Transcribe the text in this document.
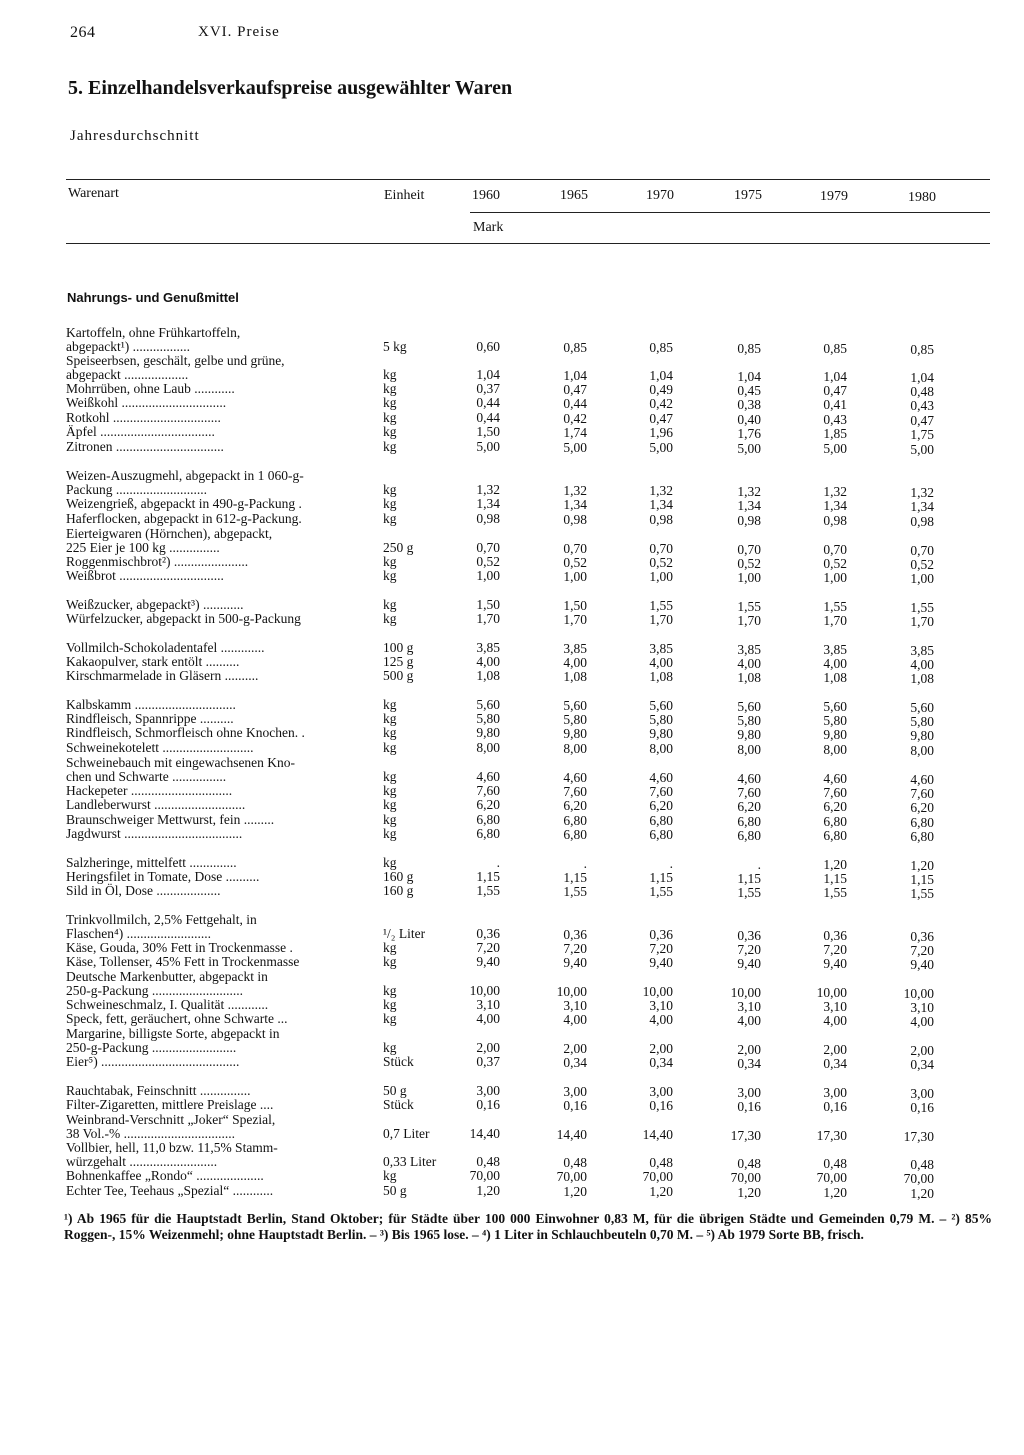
264	XVI. Preise
5. Einzelhandelsverkaufspreise ausgewählter Waren
Jahresdurchschnitt
Warenart	Einheit	1960	1965	1970	1975	1979	1980
Mark
Nahrungs- und Genußmittel
Kartoffeln, ohne Frühkartoffeln,
abgepackt¹) .................	5 kg	0,60	0,85	0,85	0,85	0,85	0,85
Speiseerbsen, geschält, gelbe und grüne,
abgepackt ...................	kg	1,04	1,04	1,04	1,04	1,04	1,04
Mohrrüben, ohne Laub ............	kg	0,37	0,47	0,49	0,45	0,47	0,48
Weißkohl ...............................	kg	0,44	0,44	0,42	0,38	0,41	0,43
Rotkohl ................................	kg	0,44	0,42	0,47	0,40	0,43	0,47
Äpfel ..................................	kg	1,50	1,74	1,96	1,76	1,85	1,75
Zitronen ................................	kg	5,00	5,00	5,00	5,00	5,00	5,00
Weizen-Auszugmehl, abgepackt in 1 060-g-
Packung ...........................	kg	1,32	1,32	1,32	1,32	1,32	1,32
Weizengrieß, abgepackt in 490-g-Packung .	kg	1,34	1,34	1,34	1,34	1,34	1,34
Haferflocken, abgepackt in 612-g-Packung.	kg	0,98	0,98	0,98	0,98	0,98	0,98
Eierteigwaren (Hörnchen), abgepackt,
225 Eier je 100 kg ...............	250 g	0,70	0,70	0,70	0,70	0,70	0,70
Roggenmischbrot²) ......................	kg	0,52	0,52	0,52	0,52	0,52	0,52
Weißbrot ...............................	kg	1,00	1,00	1,00	1,00	1,00	1,00
Weißzucker, abgepackt³) ............	kg	1,50	1,50	1,55	1,55	1,55	1,55
Würfelzucker, abgepackt in 500-g-Packung	kg	1,70	1,70	1,70	1,70	1,70	1,70
Vollmilch-Schokoladentafel .............	100 g	3,85	3,85	3,85	3,85	3,85	3,85
Kakaopulver, stark entölt ..........	125 g	4,00	4,00	4,00	4,00	4,00	4,00
Kirschmarmelade in Gläsern ..........	500 g	1,08	1,08	1,08	1,08	1,08	1,08
Kalbskamm ..............................	kg	5,60	5,60	5,60	5,60	5,60	5,60
Rindfleisch, Spannrippe ..........	kg	5,80	5,80	5,80	5,80	5,80	5,80
Rindfleisch, Schmorfleisch ohne Knochen. .	kg	9,80	9,80	9,80	9,80	9,80	9,80
Schweinekotelett ...........................	kg	8,00	8,00	8,00	8,00	8,00	8,00
Schweinebauch mit eingewachsenen Kno-
chen und Schwarte ................	kg	4,60	4,60	4,60	4,60	4,60	4,60
Hackepeter ..............................	kg	7,60	7,60	7,60	7,60	7,60	7,60
Landleberwurst ...........................	kg	6,20	6,20	6,20	6,20	6,20	6,20
Braunschweiger Mettwurst, fein .........	kg	6,80	6,80	6,80	6,80	6,80	6,80
Jagdwurst ...................................	kg	6,80	6,80	6,80	6,80	6,80	6,80
Salzheringe, mittelfett ..............	kg	.	.	.	.	1,20	1,20
Heringsfilet in Tomate, Dose ..........	160 g	1,15	1,15	1,15	1,15	1,15	1,15
Sild in Öl, Dose ...................	160 g	1,55	1,55	1,55	1,55	1,55	1,55
Trinkvollmilch, 2,5% Fettgehalt, in
Flaschen⁴) .........................	¹/₂ Liter	0,36	0,36	0,36	0,36	0,36	0,36
Käse, Gouda, 30% Fett in Trockenmasse .	kg	7,20	7,20	7,20	7,20	7,20	7,20
Käse, Tollenser, 45% Fett in Trockenmasse	kg	9,40	9,40	9,40	9,40	9,40	9,40
Deutsche Markenbutter, abgepackt in
250-g-Packung ...........................	kg	10,00	10,00	10,00	10,00	10,00	10,00
Schweineschmalz, I. Qualität ............	kg	3,10	3,10	3,10	3,10	3,10	3,10
Speck, fett, geräuchert, ohne Schwarte ...	kg	4,00	4,00	4,00	4,00	4,00	4,00
Margarine, billigste Sorte, abgepackt in
250-g-Packung .........................	kg	2,00	2,00	2,00	2,00	2,00	2,00
Eier⁵) .........................................	Stück	0,37	0,34	0,34	0,34	0,34	0,34
Rauchtabak, Feinschnitt ...............	50 g	3,00	3,00	3,00	3,00	3,00	3,00
Filter-Zigaretten, mittlere Preislage ....	Stück	0,16	0,16	0,16	0,16	0,16	0,16
Weinbrand-Verschnitt „Joker“ Spezial,
38 Vol.-% .................................	0,7 Liter	14,40	14,40	14,40	17,30	17,30	17,30
Vollbier, hell, 11,0 bzw. 11,5% Stamm-
würzgehalt ..........................	0,33 Liter	0,48	0,48	0,48	0,48	0,48	0,48
Bohnenkaffee „Rondo“ ....................	kg	70,00	70,00	70,00	70,00	70,00	70,00
Echter Tee, Teehaus „Spezial“ ............	50 g	1,20	1,20	1,20	1,20	1,20	1,20

¹) Ab 1965 für die Hauptstadt Berlin, Stand Oktober; für Städte über 100 000 Einwohner 0,83 M, für die übrigen Städte und Gemeinden 0,79 M. – ²) 85% Roggen-, 15% Weizenmehl; ohne Hauptstadt Berlin. – ³) Bis 1965 lose. – ⁴) 1 Liter in Schlauchbeuteln 0,70 M. – ⁵) Ab 1979 Sorte BB, frisch.
